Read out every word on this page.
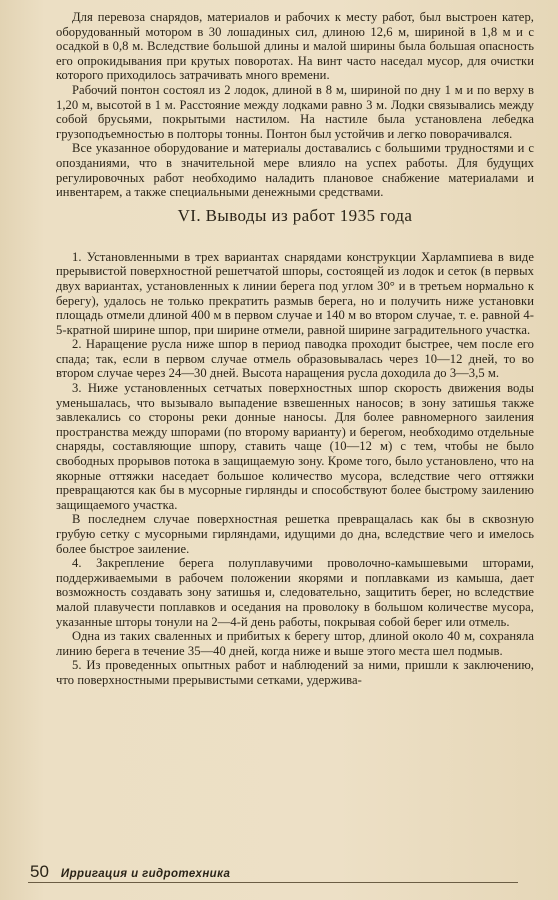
Для перевоза снарядов, материалов и рабочих к месту работ, был выстроен катер, оборудованный мотором в 30 лошадиных сил, длиною 12,6 м, шириной в 1,8 м и с осадкой в 0,8 м. Вследствие большой длины и малой ширины была большая опасность его опрокидывания при крутых поворотах. На винт часто наседал мусор, для очистки которого приходилось затрачивать много времени.

Рабочий понтон состоял из 2 лодок, длиной в 8 м, шириной по дну 1 м и по верху в 1,20 м, высотой в 1 м. Расстояние между лодками равно 3 м. Лодки связывались между собой брусьями, покрытыми настилом. На настиле была установлена лебедка грузоподъемностью в полторы тонны. Понтон был устойчив и легко поворачивался.

Все указанное оборудование и материалы доставались с большими трудностями и с опозданиями, что в значительной мере влияло на успех работы. Для будущих регулировочных работ необходимо наладить плановое снабжение материалами и инвентарем, а также специальными денежными средствами.

VI. Выводы из работ 1935 года

1. Установленными в трех вариантах снарядами конструкции Харлампиева в виде прерывистой поверхностной решетчатой шпоры, состоящей из лодок и сеток (в первых двух вариантах, установленных к линии берега под углом 30° и в третьем нормально к берегу), удалось не только прекратить размыв берега, но и получить ниже установки площадь отмели длиной 400 м в первом случае и 140 м во втором случае, т. е. равной 4-5-кратной ширине шпор, при ширине отмели, равной ширине заградительного участка.

2. Наращение русла ниже шпор в период паводка проходит быстрее, чем после его спада; так, если в первом случае отмель образовывалась через 10—12 дней, то во втором случае через 24—30 дней. Высота наращения русла доходила до 3—3,5 м.

3. Ниже установленных сетчатых поверхностных шпор скорость движения воды уменьшалась, что вызывало выпадение взвешенных наносов; в зону затишья также завлекались со стороны реки донные наносы. Для более равномерного заиления пространства между шпорами (по второму варианту) и берегом, необходимо отдельные снаряды, составляющие шпору, ставить чаще (10—12 м) с тем, чтобы не было свободных прорывов потока в защищаемую зону. Кроме того, было установлено, что на якорные оттяжки наседает большое количество мусора, вследствие чего оттяжки превращаются как бы в мусорные гирлянды и способствуют более быстрому заилению защищаемого участка.

В последнем случае поверхностная решетка превращалась как бы в сквозную грубую сетку с мусорными гирляндами, идущими до дна, вследствие чего и имелось более быстрое заиление.

4. Закрепление берега полуплавучими проволочно-камышевыми шторами, поддерживаемыми в рабочем положении якорями и поплавками из камыша, дает возможность создавать зону затишья и, следовательно, защитить берег, но вследствие малой плавучести поплавков и оседания на проволоку в большом количестве мусора, указанные шторы тонули на 2—4-й день работы, покрывая собой берег или отмель.

Одна из таких сваленных и прибитых к берегу штор, длиной около 40 м, сохраняла линию берега в течение 35—40 дней, когда ниже и выше этого места шел подмыв.

5. Из проведенных опытных работ и наблюдений за ними, пришли к заключению, что поверхностными прерывистыми сетками, удержива-

50 Ирригация и гидротехника
